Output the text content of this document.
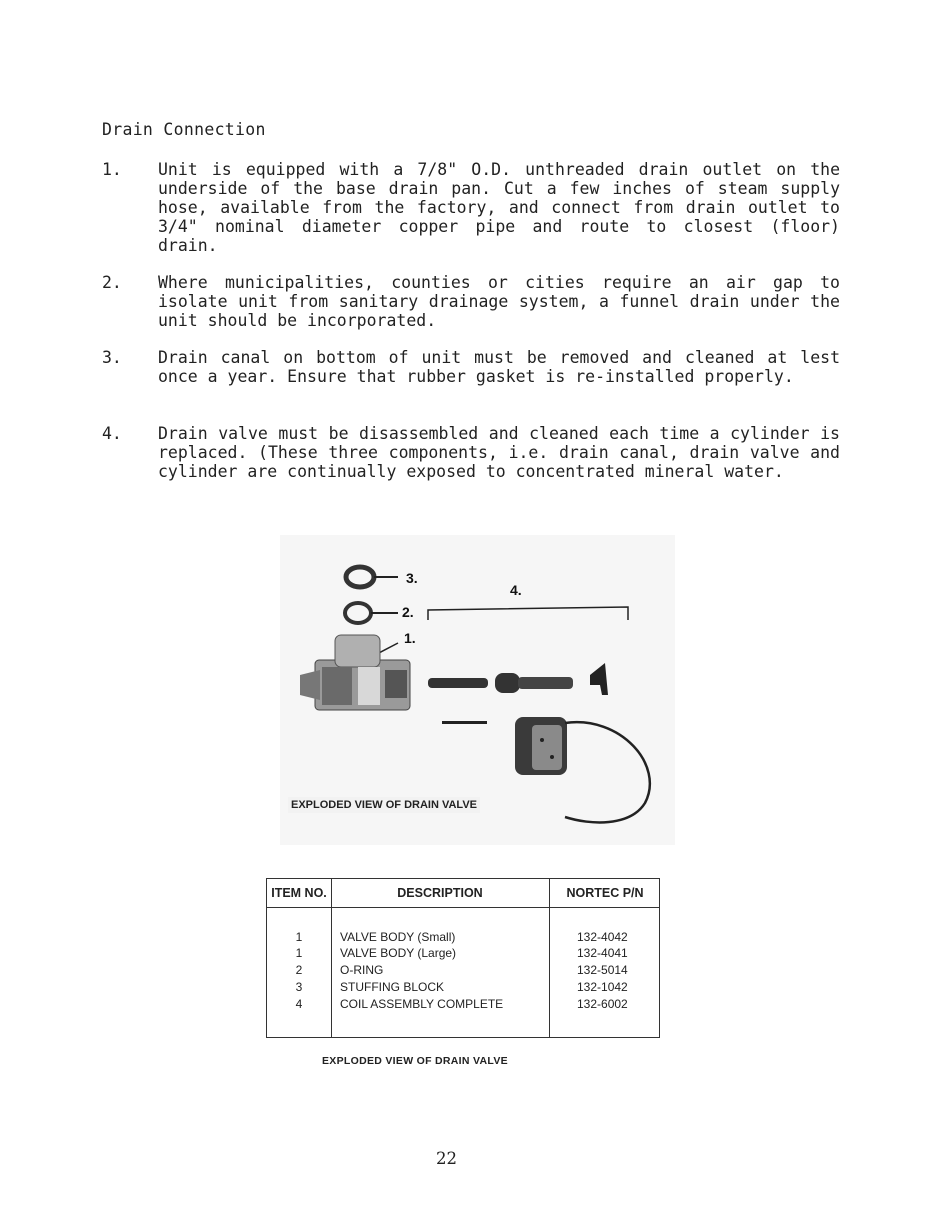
Drain Connection
1. Unit is equipped with a 7/8" O.D. unthreaded drain outlet on the underside of the base drain pan. Cut a few inches of steam supply hose, available from the factory, and connect from drain outlet to 3/4" nominal diameter copper pipe and route to closest (floor) drain.
2. Where municipalities, counties or cities require an air gap to isolate unit from sanitary drainage system, a funnel drain under the unit should be incorporated.
3. Drain canal on bottom of unit must be removed and cleaned at lest once a year. Ensure that rubber gasket is re-installed properly.
4. Drain valve must be disassembled and cleaned each time a cylinder is replaced. (These three components, i.e. drain canal, drain valve and cylinder are continually exposed to concentrated mineral water.
3.
2.
1.
4.
EXPLODED VIEW OF DRAIN VALVE
ITEM NO.	DESCRIPTION	NORTEC P/N
1	VALVE BODY (Small)	132-4042
1	VALVE BODY (Large)	132-4041
2	O-RING	132-5014
3	STUFFING BLOCK	132-1042
4	COIL ASSEMBLY COMPLETE	132-6002
EXPLODED VIEW OF DRAIN VALVE
22
